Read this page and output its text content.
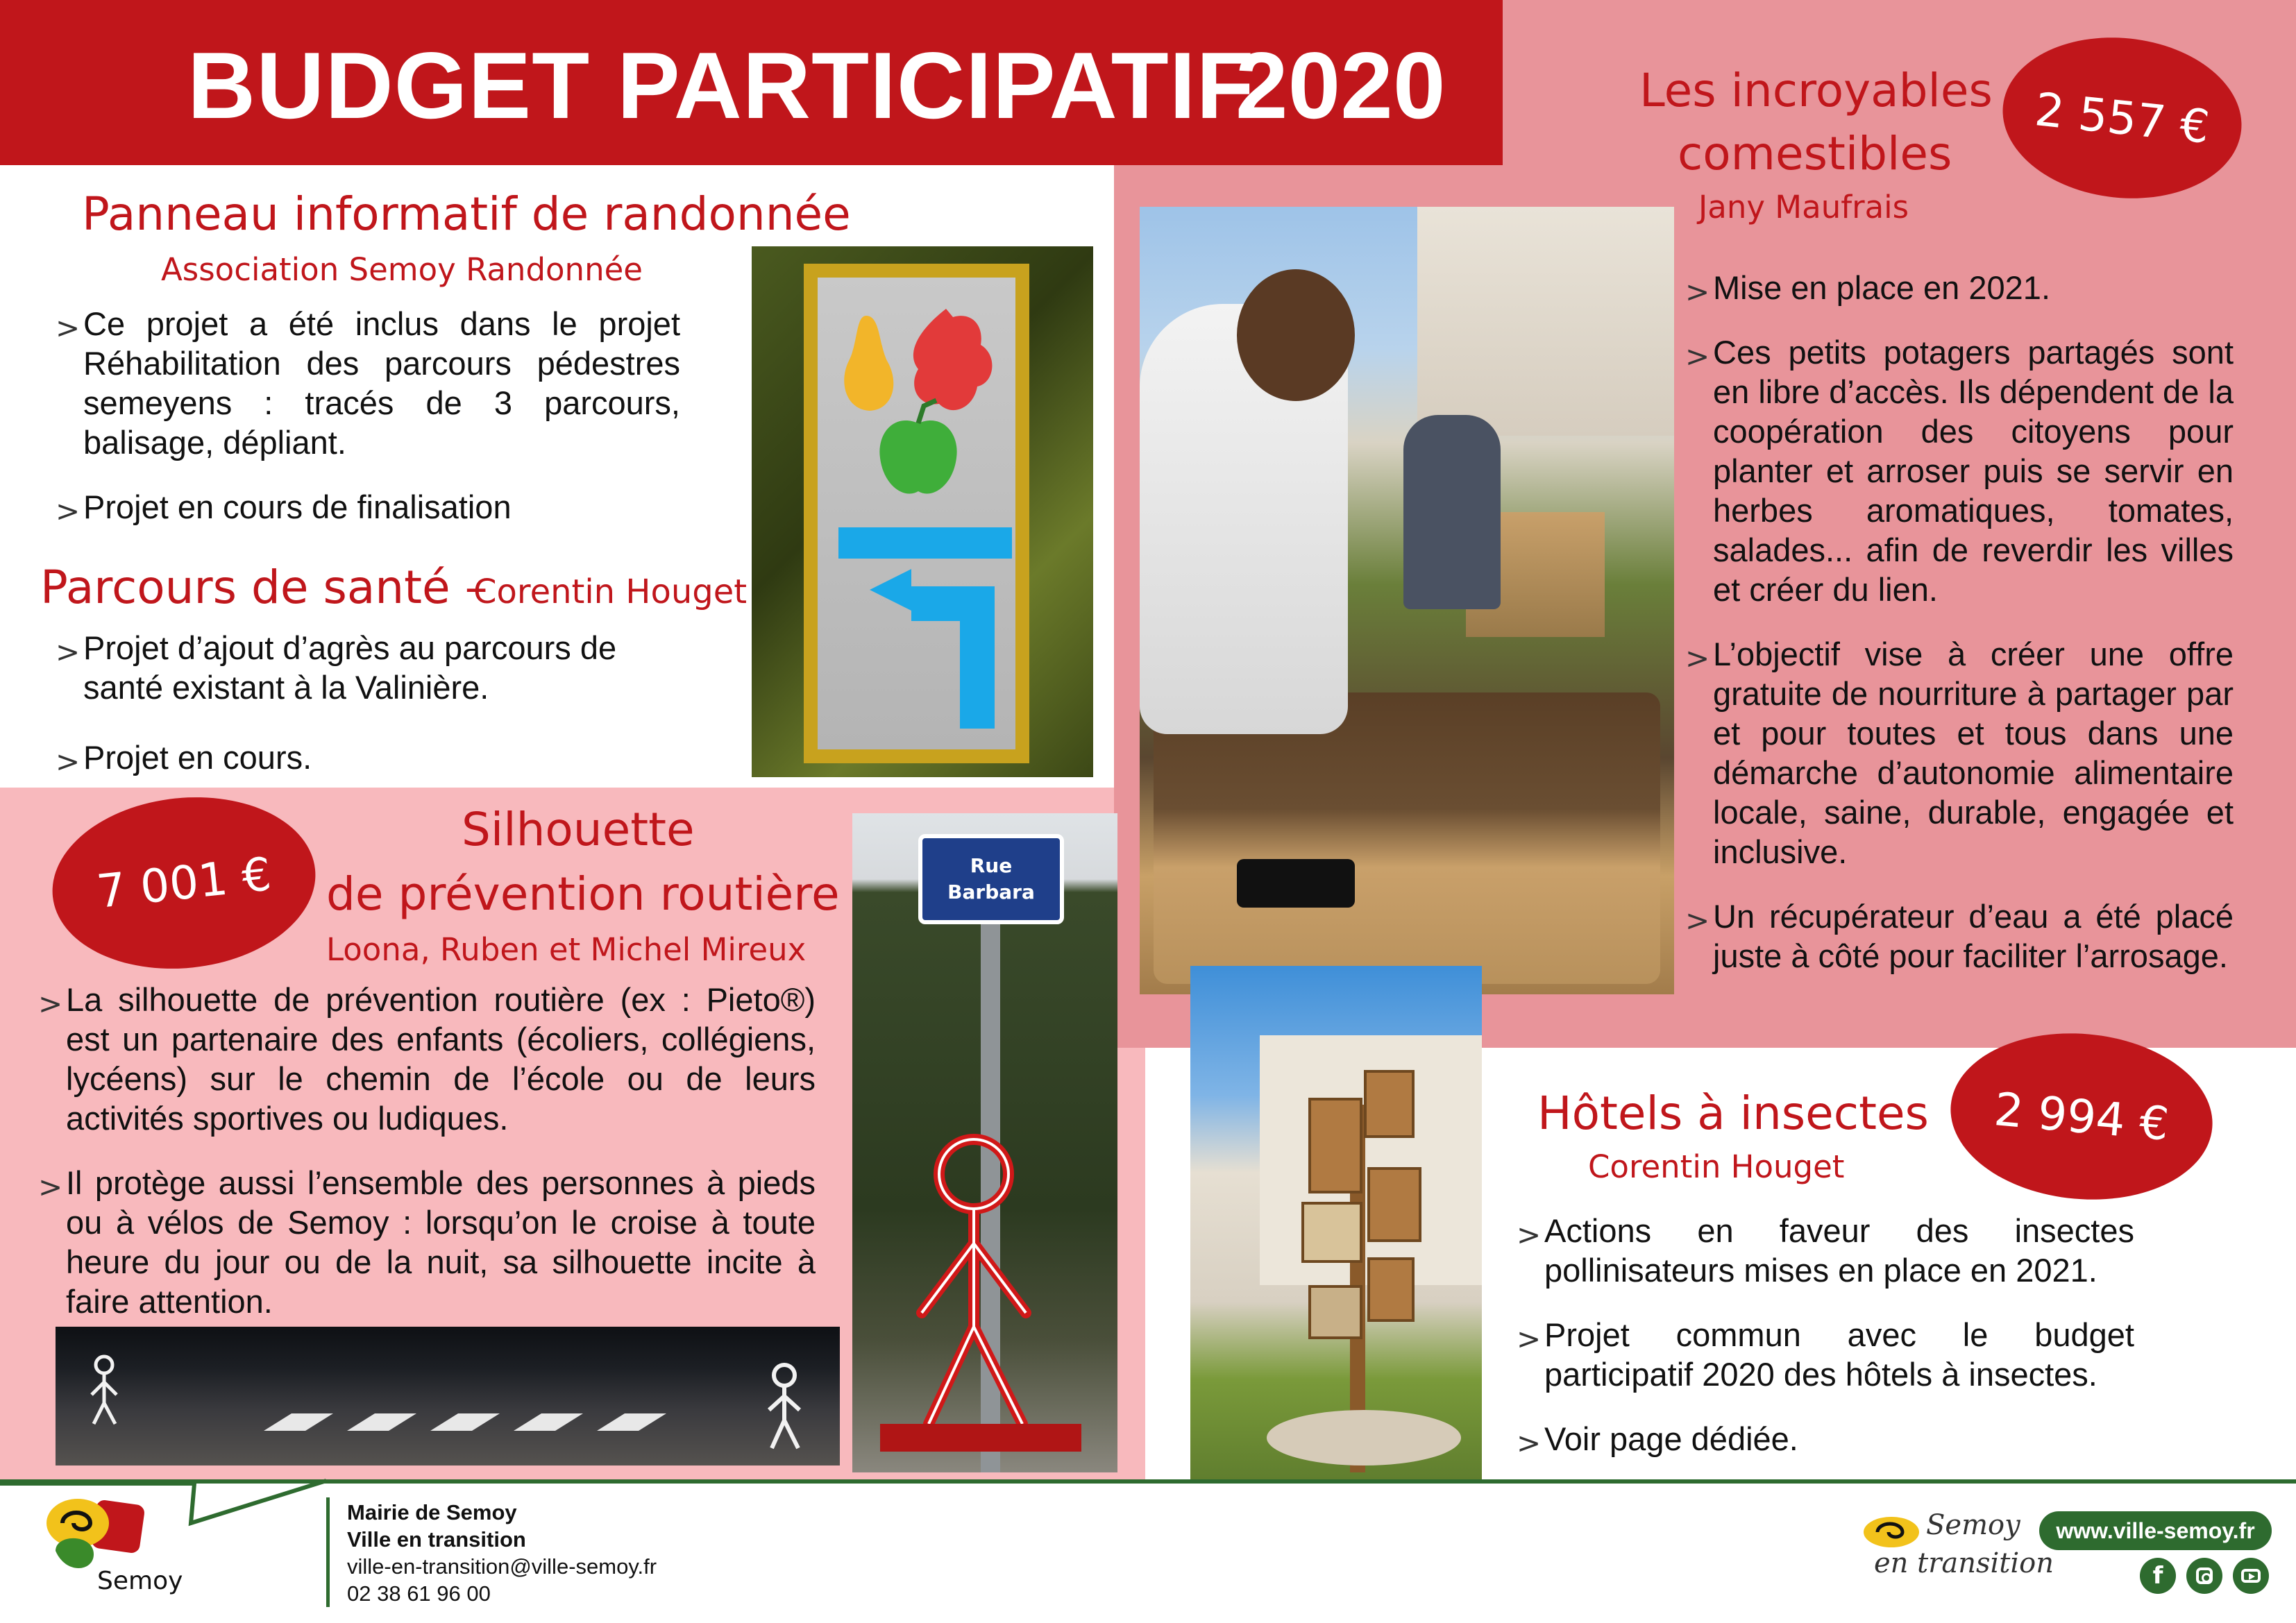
BUDGET PARTICIPATIF
2020
Panneau informatif de randonnée
Association Semoy Randonnée

> Ce projet a été inclus dans le projet Réhabilitation des parcours pédestres semeyens : tracés de 3 parcours, balisage, dépliant.

> Projet en cours de finalisation

Parcours de santé –
Corentin Houget

> Projet d’ajout d’agrès au parcours de santé existant à la Valinière.

> Projet en cours.

7 001 €
Silhouette
de prévention routière
Loona, Ruben et Michel Mireux

> La silhouette de prévention routière (ex : Pieto®) est un partenaire des enfants (écoliers, collégiens, lycéens) sur le chemin de l’école ou de leurs activités sportives ou ludiques.

> Il protège aussi l’ensemble des personnes à pieds ou à vélos de Semoy : lorsqu’on le croise à toute heure du jour ou de la nuit, sa silhouette incite à faire attention.

Rue
Barbara
Les incroyables
comestibles
Jany Maufrais
2 557 €

> Mise en place en 2021.

> Ces petits potagers partagés sont en libre d’accès. Ils dépendent de la coopération des citoyens pour planter et arroser puis se servir en herbes aromatiques, tomates, salades... afin de reverdir les villes et créer du lien.

> L’objectif vise à créer une offre gratuite de nourriture à partager par et pour toutes et tous dans une démarche d’autonomie alimentaire locale, saine, durable, engagée et inclusive.

> Un récupérateur d’eau a été placé juste à côté pour faciliter l’arrosage.

Hôtels à insectes
Corentin Houget
2 994 €

> Actions en faveur des insectes pollinisateurs mises en place en 2021.

> Projet commun avec le budget participatif 2020 des hôtels à insectes.

> Voir page dédiée.

Semoy
Mairie de Semoy
Ville en transition
ville-en-transition@ville-semoy.fr
02 38 61 96 00
Semoy
en transition
www.ville-semoy.fr
f
